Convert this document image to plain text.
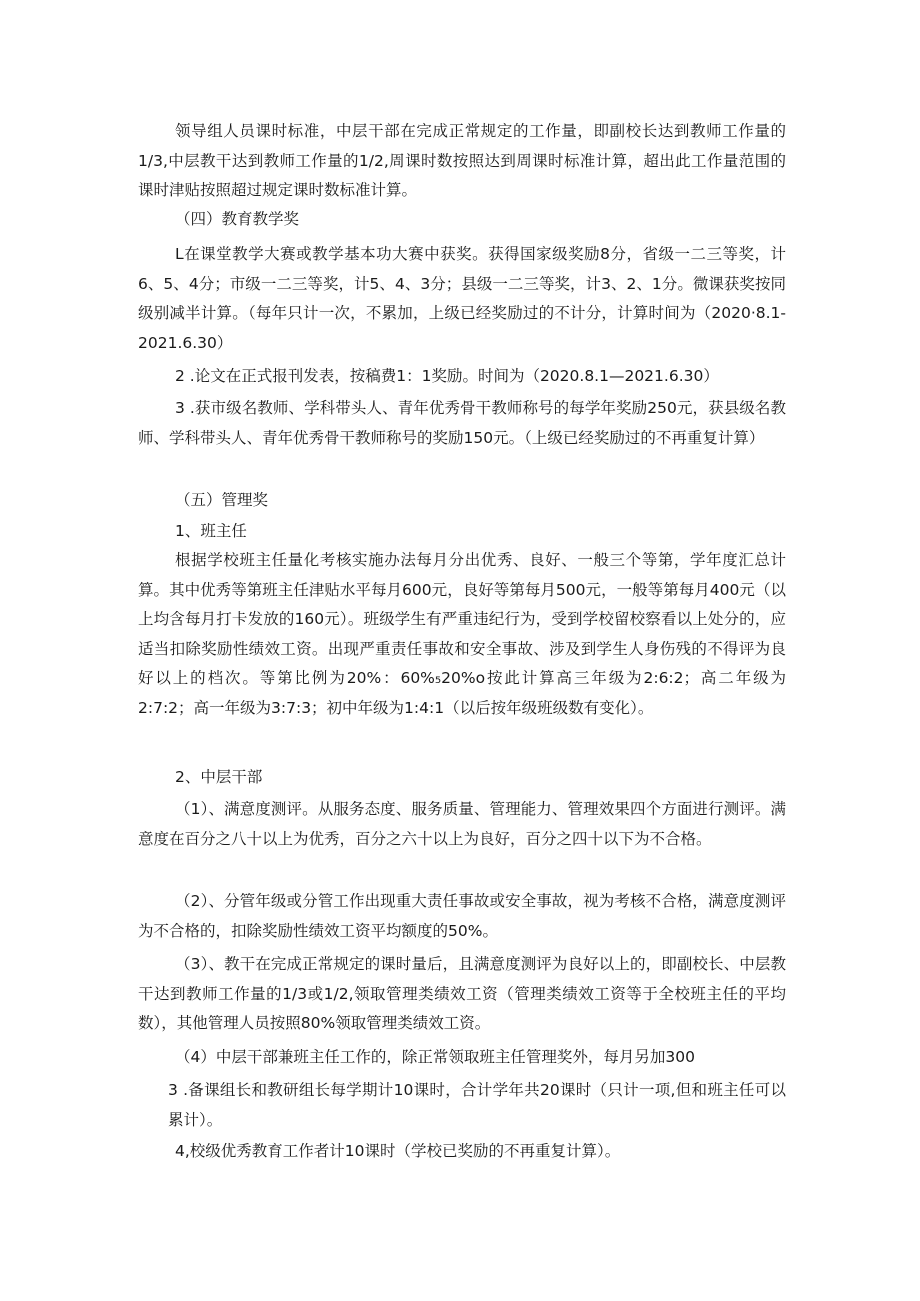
领导组人员课时标准，中层干部在完成正常规定的工作量，即副校长达到教师工作量的1/3,中层教干达到教师工作量的1/2,周课时数按照达到周课时标准计算，超出此工作量范围的课时津贴按照超过规定课时数标准计算。

（四）教育教学奖

L在课堂教学大赛或教学基本功大赛中获奖。获得国家级奖励8分，省级一二三等奖，计6、5、4分；市级一二三等奖，计5、4、3分；县级一二三等奖，计3、2、1分。微课获奖按同级别减半计算。（每年只计一次，不累加，上级已经奖励过的不计分，计算时间为（2020‧8.1-2021.6.30）

2 .论文在正式报刊发表，按稿费1：1奖励。时间为（2020.8.1—2021.6.30）

3 .获市级名教师、学科带头人、青年优秀骨干教师称号的每学年奖励250元，获县级名教师、学科带头人、青年优秀骨干教师称号的奖励150元。（上级已经奖励过的不再重复计算）

（五）管理奖

1、班主任

根据学校班主任量化考核实施办法每月分出优秀、良好、一般三个等第，学年度汇总计算。其中优秀等第班主任津贴水平每月600元，良好等第每月500元，一般等第每月400元（以上均含每月打卡发放的160元）。班级学生有严重违纪行为，受到学校留校察看以上处分的，应适当扣除奖励性绩效工资。出现严重责任事故和安全事故、涉及到学生人身伤残的不得评为良好以上的档次。等第比例为20%：60%₅20%o按此计算高三年级为2:6:2；高二年级为2:7:2；高一年级为3:7:3；初中年级为1:4:1（以后按年级班级数有变化）。

2、中层干部

（1）、满意度测评。从服务态度、服务质量、管理能力、管理效果四个方面进行测评。满意度在百分之八十以上为优秀，百分之六十以上为良好，百分之四十以下为不合格。

（2）、分管年级或分管工作出现重大责任事故或安全事故，视为考核不合格，满意度测评为不合格的，扣除奖励性绩效工资平均额度的50%。

（3）、教干在完成正常规定的课时量后，且满意度测评为良好以上的，即副校长、中层教干达到教师工作量的1/3或1/2,领取管理类绩效工资（管理类绩效工资等于全校班主任的平均数），其他管理人员按照80%领取管理类绩效工资。

（4）中层干部兼班主任工作的，除正常领取班主任管理奖外，每月另加300

3 .备课组长和教研组长每学期计10课时，合计学年共20课时（只计一项,但和班主任可以累计）。

4,校级优秀教育工作者计10课时（学校已奖励的不再重复计算）。
